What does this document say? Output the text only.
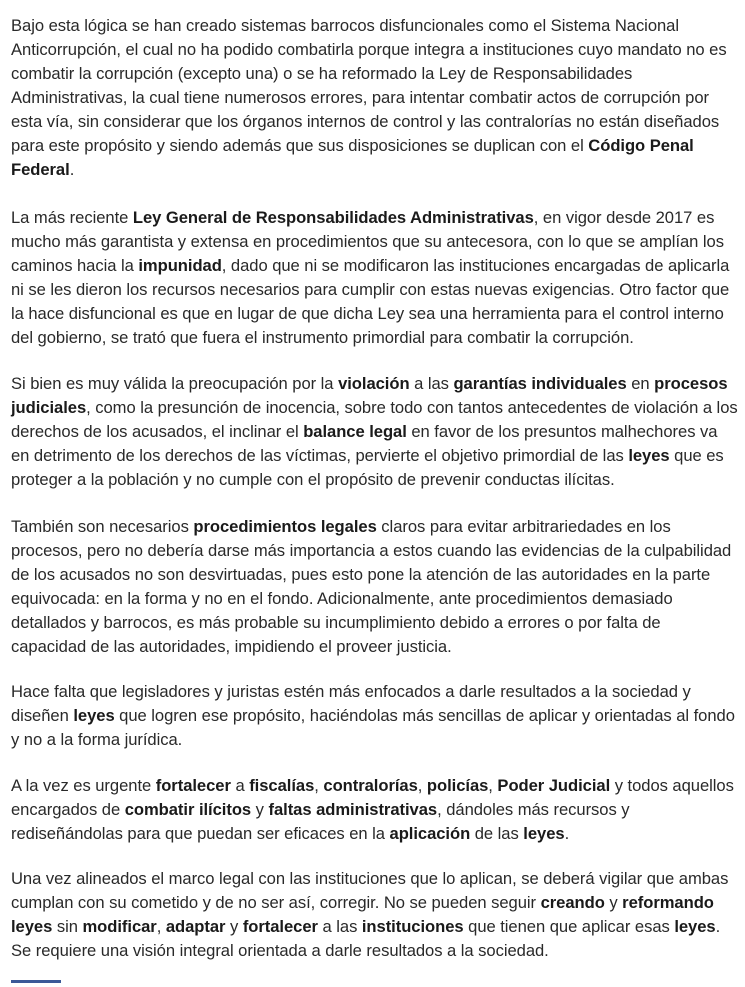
Bajo esta lógica se han creado sistemas barrocos disfuncionales como el Sistema Nacional Anticorrupción, el cual no ha podido combatirla porque integra a instituciones cuyo mandato no es combatir la corrupción (excepto una) o se ha reformado la Ley de Responsabilidades Administrativas, la cual tiene numerosos errores, para intentar combatir actos de corrupción por esta vía, sin considerar que los órganos internos de control y las contralorías no están diseñados para este propósito y siendo además que sus disposiciones se duplican con el Código Penal Federal.

La más reciente Ley General de Responsabilidades Administrativas, en vigor desde 2017 es mucho más garantista y extensa en procedimientos que su antecesora, con lo que se amplían los caminos hacia la impunidad, dado que ni se modificaron las instituciones encargadas de aplicarla ni se les dieron los recursos necesarios para cumplir con estas nuevas exigencias. Otro factor que la hace disfuncional es que en lugar de que dicha Ley sea una herramienta para el control interno del gobierno, se trató que fuera el instrumento primordial para combatir la corrupción.

Si bien es muy válida la preocupación por la violación a las garantías individuales en procesos judiciales, como la presunción de inocencia, sobre todo con tantos antecedentes de violación a los derechos de los acusados, el inclinar el balance legal en favor de los presuntos malhechores va en detrimento de los derechos de las víctimas, pervierte el objetivo primordial de las leyes que es proteger a la población y no cumple con el propósito de prevenir conductas ilícitas.

También son necesarios procedimientos legales claros para evitar arbitrariedades en los procesos, pero no debería darse más importancia a estos cuando las evidencias de la culpabilidad de los acusados no son desvirtuadas, pues esto pone la atención de las autoridades en la parte equivocada: en la forma y no en el fondo. Adicionalmente, ante procedimientos demasiado detallados y barrocos, es más probable su incumplimiento debido a errores o por falta de capacidad de las autoridades, impidiendo el proveer justicia.

Hace falta que legisladores y juristas estén más enfocados a darle resultados a la sociedad y diseñen leyes que logren ese propósito, haciéndolas más sencillas de aplicar y orientadas al fondo y no a la forma jurídica.

A la vez es urgente fortalecer a fiscalías, contralorías, policías, Poder Judicial y todos aquellos encargados de combatir ilícitos y faltas administrativas, dándoles más recursos y rediseñándolas para que puedan ser eficaces en la aplicación de las leyes.

Una vez alineados el marco legal con las instituciones que lo aplican, se deberá vigilar que ambas cumplan con su cometido y de no ser así, corregir. No se pueden seguir creando y reformando leyes sin modificar, adaptar y fortalecer a las instituciones que tienen que aplicar esas leyes. Se requiere una visión integral orientada a darle resultados a la sociedad.
